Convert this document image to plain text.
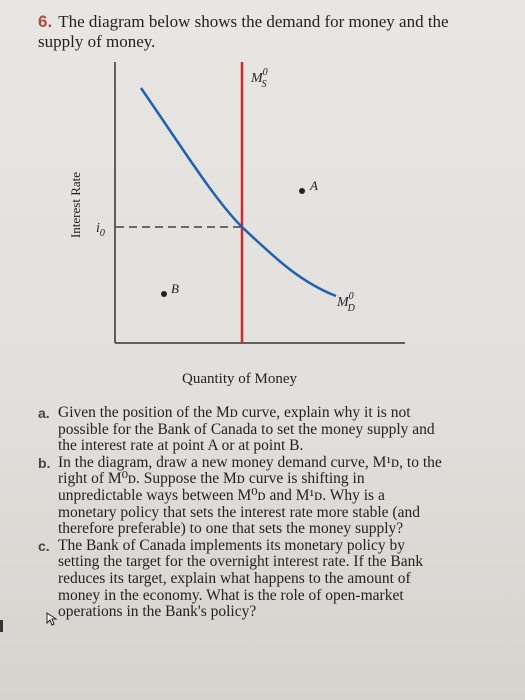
6. The diagram below shows the demand for money and the supply of money.
Interest Rate $i_0$
$M^0$ S
$M^0$ D
A
B
Quantity of Money
a. Given the position of the Mᴅ curve, explain why it is not possible for the Bank of Canada to set the money supply and the interest rate at point A or at point B.
b. In the diagram, draw a new money demand curve, M¹ᴅ, to the right of M⁰ᴅ. Suppose the Mᴅ curve is shifting in unpredictable ways between M⁰ᴅ and M¹ᴅ. Why is a monetary policy that sets the interest rate more stable (and therefore preferable) to one that sets the money supply?
c. The Bank of Canada implements its monetary policy by setting the target for the overnight interest rate. If the Bank reduces its target, explain what happens to the amount of money in the economy. What is the role of open-market operations in the Bank's policy?
